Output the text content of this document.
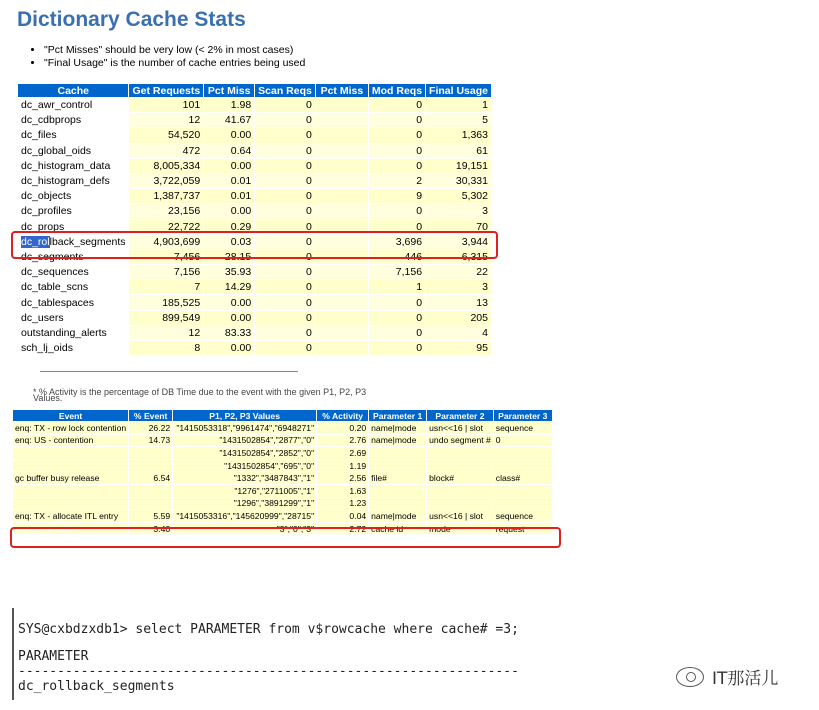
Dictionary Cache Stats
• "Pct Misses" should be very low (< 2% in most cases)
• "Final Usage" is the number of cache entries being used
Cache	Get Requests	Pct Miss	Scan Reqs	Pct Miss	Mod Reqs	Final Usage
dc_awr_control	101	1.98	0		0	1
dc_cdbprops	12	41.67	0		0	5
dc_files	54,520	0.00	0		0	1,363
dc_global_oids	472	0.64	0		0	61
dc_histogram_data	8,005,334	0.00	0		0	19,151
dc_histogram_defs	3,722,059	0.01	0		2	30,331
dc_objects	1,387,737	0.01	0		9	5,302
dc_profiles	23,156	0.00	0		0	3
dc_props	22,722	0.29	0		0	70
dc_rollback_segments	4,903,699	0.03	0		3,696	3,944
dc_segments	7,456	28.15	0		446	6,315
dc_sequences	7,156	35.93	0		7,156	22
dc_table_scns	7	14.29	0		1	3
dc_tablespaces	185,525	0.00	0		0	13
dc_users	899,549	0.00	0		0	205
outstanding_alerts	12	83.33	0		0	4
sch_lj_oids	8	0.00	0		0	95
* % Activity is the percentage of DB Time due to the event with the given P1, P2, P3 Values.
Event	% Event	P1, P2, P3 Values	% Activity	Parameter 1	Parameter 2	Parameter 3
enq: TX - row lock contention	26.22	"1415053318","9961474","6948271"	0.20	name|mode	usn<<16 | slot	sequence
enq: US - contention	14.73	"1431502854","2877","0"	2.76	name|mode	undo segment #	0
		"1431502854","2852","0"	2.69			
		"1431502854","695","0"	1.19			
gc buffer busy release	6.54	"1332","3487843","1"	2.56	file#	block#	class#
		"1276","2711005","1"	1.63			
		"1296","3891299","1"	1.23			
enq: TX - allocate ITL entry	5.59	"1415053316","145620999","28715"	0.04	name|mode	usn<<16 | slot	sequence
row cache lock	3.40	"3","0","3"	2.72	cache id	mode	request
SYS@cxbdzxdb1> select PARAMETER from v$rowcache where cache# =3;
PARAMETER
----------------------------------------------------------------
dc_rollback_segments	IT那活儿
